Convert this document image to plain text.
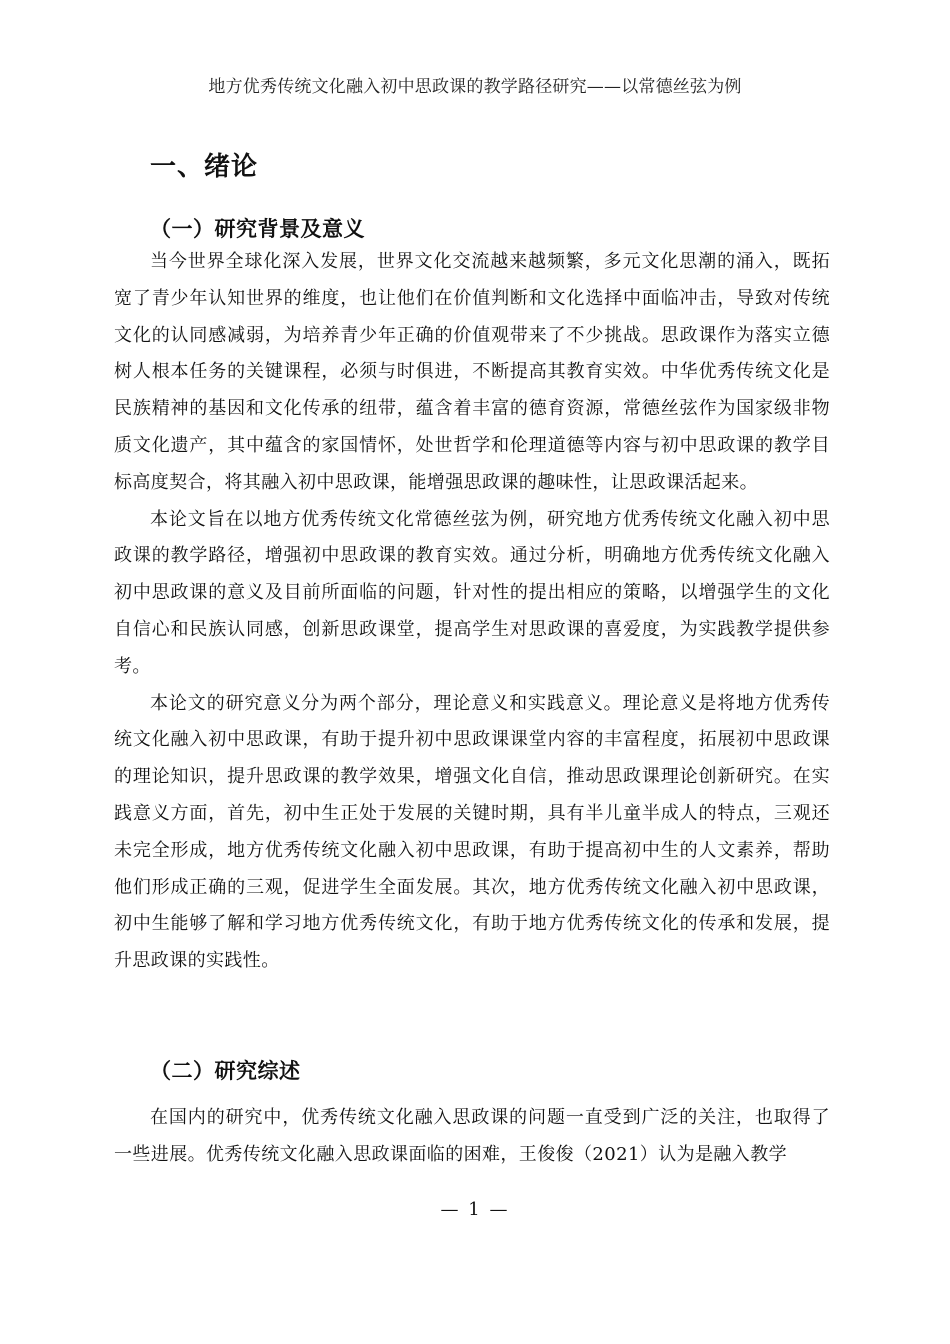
地方优秀传统文化融入初中思政课的教学路径研究——以常德丝弦为例
一、绪论
（一）研究背景及意义

当今世界全球化深入发展，世界文化交流越来越频繁，多元文化思潮的涌入，既拓宽了青少年认知世界的维度，也让他们在价值判断和文化选择中面临冲击，导致对传统文化的认同感减弱，为培养青少年正确的价值观带来了不少挑战。思政课作为落实立德树人根本任务的关键课程，必须与时俱进，不断提高其教育实效。中华优秀传统文化是民族精神的基因和文化传承的纽带，蕴含着丰富的德育资源，常德丝弦作为国家级非物质文化遗产，其中蕴含的家国情怀，处世哲学和伦理道德等内容与初中思政课的教学目标高度契合，将其融入初中思政课，能增强思政课的趣味性，让思政课活起来。

本论文旨在以地方优秀传统文化常德丝弦为例，研究地方优秀传统文化融入初中思政课的教学路径，增强初中思政课的教育实效。通过分析，明确地方优秀传统文化融入初中思政课的意义及目前所面临的问题，针对性的提出相应的策略，以增强学生的文化自信心和民族认同感，创新思政课堂，提高学生对思政课的喜爱度，为实践教学提供参考。

本论文的研究意义分为两个部分，理论意义和实践意义。理论意义是将地方优秀传统文化融入初中思政课，有助于提升初中思政课课堂内容的丰富程度，拓展初中思政课的理论知识，提升思政课的教学效果，增强文化自信，推动思政课理论创新研究。在实践意义方面，首先，初中生正处于发展的关键时期，具有半儿童半成人的特点，三观还未完全形成，地方优秀传统文化融入初中思政课，有助于提高初中生的人文素养，帮助他们形成正确的三观，促进学生全面发展。其次，地方优秀传统文化融入初中思政课，初中生能够了解和学习地方优秀传统文化，有助于地方优秀传统文化的传承和发展，提升思政课的实践性。

（二）研究综述

在国内的研究中，优秀传统文化融入思政课的问题一直受到广泛的关注，也取得了一些进展。优秀传统文化融入思政课面临的困难，王俊俊（2021）认为是融入教学

— 1 —
